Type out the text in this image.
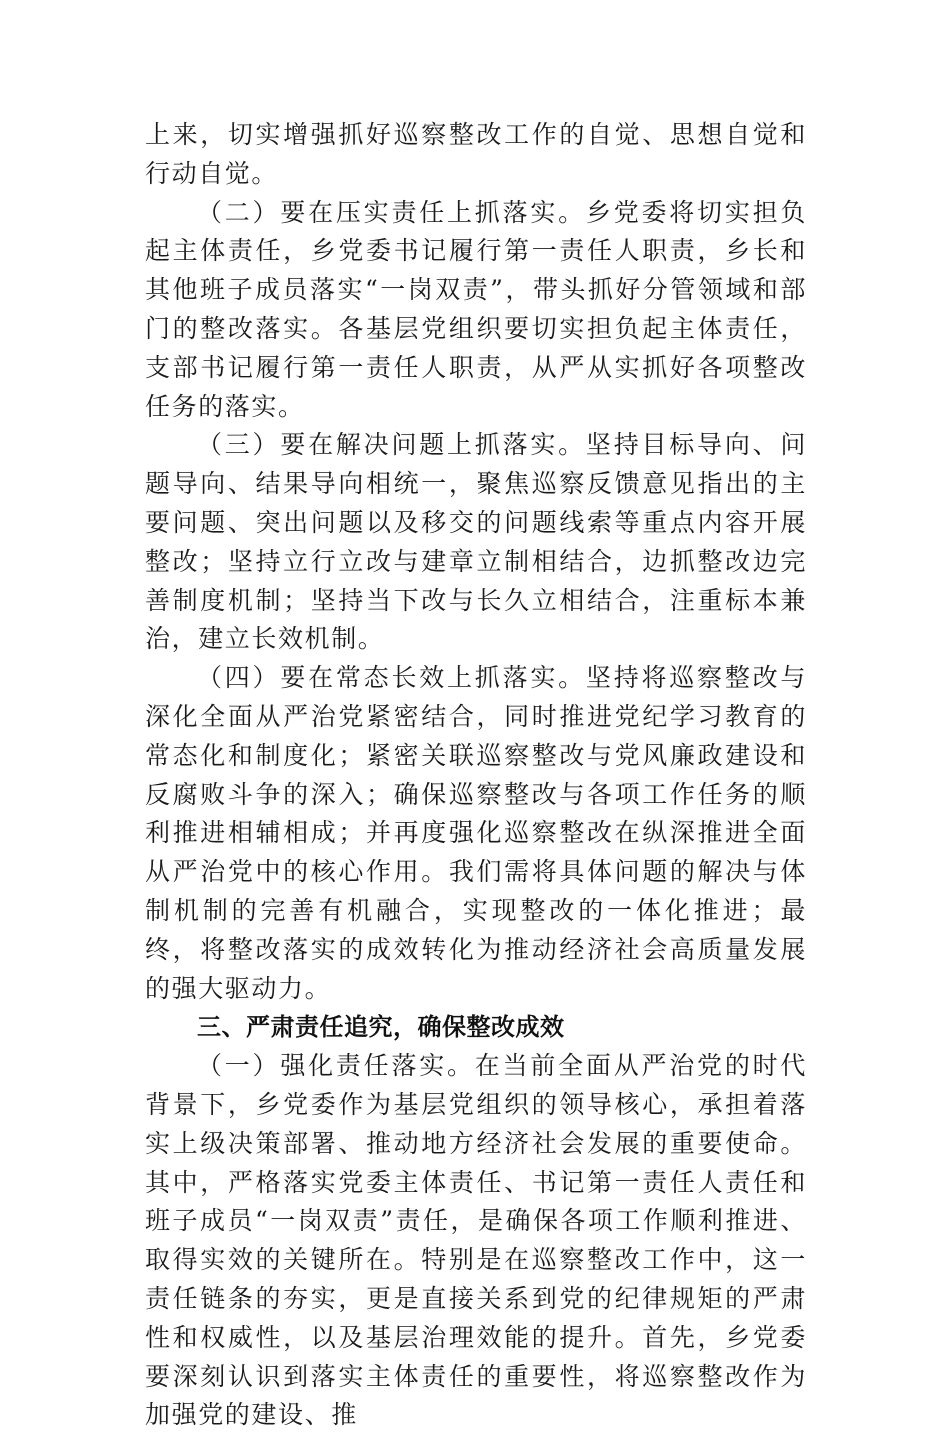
上来，切实增强抓好巡察整改工作的自觉、思想自觉和行动自觉。

（二）要在压实责任上抓落实。乡党委将切实担负起主体责任，乡党委书记履行第一责任人职责，乡长和其他班子成员落实“一岗双责”，带头抓好分管领域和部门的整改落实。各基层党组织要切实担负起主体责任，支部书记履行第一责任人职责，从严从实抓好各项整改任务的落实。

（三）要在解决问题上抓落实。坚持目标导向、问题导向、结果导向相统一，聚焦巡察反馈意见指出的主要问题、突出问题以及移交的问题线索等重点内容开展整改；坚持立行立改与建章立制相结合，边抓整改边完善制度机制；坚持当下改与长久立相结合，注重标本兼治，建立长效机制。

（四）要在常态长效上抓落实。坚持将巡察整改与深化全面从严治党紧密结合，同时推进党纪学习教育的常态化和制度化；紧密关联巡察整改与党风廉政建设和反腐败斗争的深入；确保巡察整改与各项工作任务的顺利推进相辅相成；并再度强化巡察整改在纵深推进全面从严治党中的核心作用。我们需将具体问题的解决与体制机制的完善有机融合，实现整改的一体化推进；最终，将整改落实的成效转化为推动经济社会高质量发展的强大驱动力。

三、严肃责任追究，确保整改成效

（一）强化责任落实。在当前全面从严治党的时代背景下，乡党委作为基层党组织的领导核心，承担着落实上级决策部署、推动地方经济社会发展的重要使命。其中，严格落实党委主体责任、书记第一责任人责任和班子成员“一岗双责”责任，是确保各项工作顺利推进、取得实效的关键所在。特别是在巡察整改工作中，这一责任链条的夯实，更是直接关系到党的纪律规矩的严肃性和权威性，以及基层治理效能的提升。首先，乡党委要深刻认识到落实主体责任的重要性，将巡察整改作为加强党的建设、推
